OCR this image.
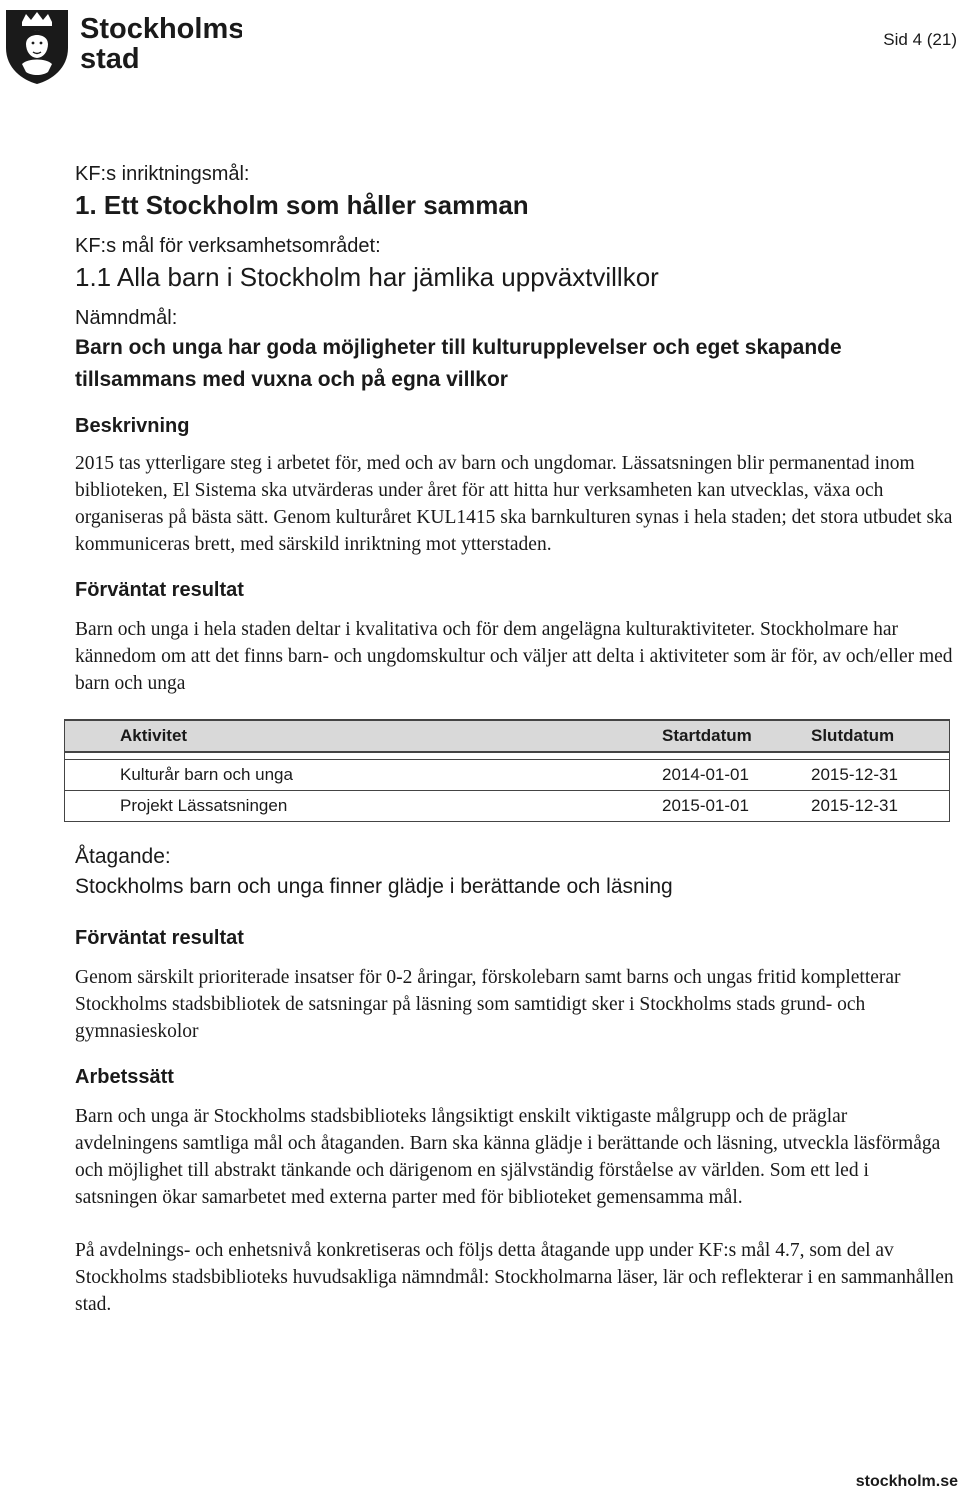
Stockholms
stad
Sid 4 (21)

KF:s inriktningsmål:

1. Ett Stockholm som håller samman

KF:s mål för verksamhetsområdet:

1.1 Alla barn i Stockholm har jämlika uppväxtvillkor

Nämndmål:

Barn och unga har goda möjligheter till kulturupplevelser och eget skapande tillsammans med vuxna och på egna villkor

Beskrivning

2015 tas ytterligare steg i arbetet för, med och av barn och ungdomar. Lässatsningen blir permanentad inom biblioteken, El Sistema ska utvärderas under året för att hitta hur verksamheten kan utvecklas, växa och organiseras på bästa sätt. Genom kulturåret KUL1415 ska barnkulturen synas i hela staden; det stora utbudet ska kommuniceras brett, med särskild inriktning mot ytterstaden.

Förväntat resultat

Barn och unga i hela staden deltar i kvalitativa och för dem angelägna kulturaktiviteter. Stockholmare har kännedom om att det finns barn- och ungdomskultur och väljer att delta i aktiviteter som är för, av och/eller med barn och unga

Aktivitet	Startdatum	Slutdatum

Kulturår barn och unga	2014-01-01	2015-12-31
Projekt Lässatsningen	2015-01-01	2015-12-31

Åtagande:

Stockholms barn och unga finner glädje i berättande och läsning

Förväntat resultat

Genom särskilt prioriterade insatser för 0-2 åringar, förskolebarn samt barns och ungas fritid kompletterar Stockholms stadsbibliotek de satsningar på läsning som samtidigt sker i Stockholms stads grund- och gymnasieskolor

Arbetssätt

Barn och unga är Stockholms stadsbiblioteks långsiktigt enskilt viktigaste målgrupp och de präglar avdelningens samtliga mål och åtaganden. Barn ska känna glädje i berättande och läsning, utveckla läsförmåga och möjlighet till abstrakt tänkande och därigenom en självständig förståelse av världen. Som ett led i satsningen ökar samarbetet med externa parter med för biblioteket gemensamma mål.

På avdelnings- och enhetsnivå konkretiseras och följs detta åtagande upp under KF:s mål 4.7, som del av Stockholms stadsbiblioteks huvudsakliga nämndmål: Stockholmarna läser, lär och reflekterar i en sammanhållen stad.

stockholm.se
